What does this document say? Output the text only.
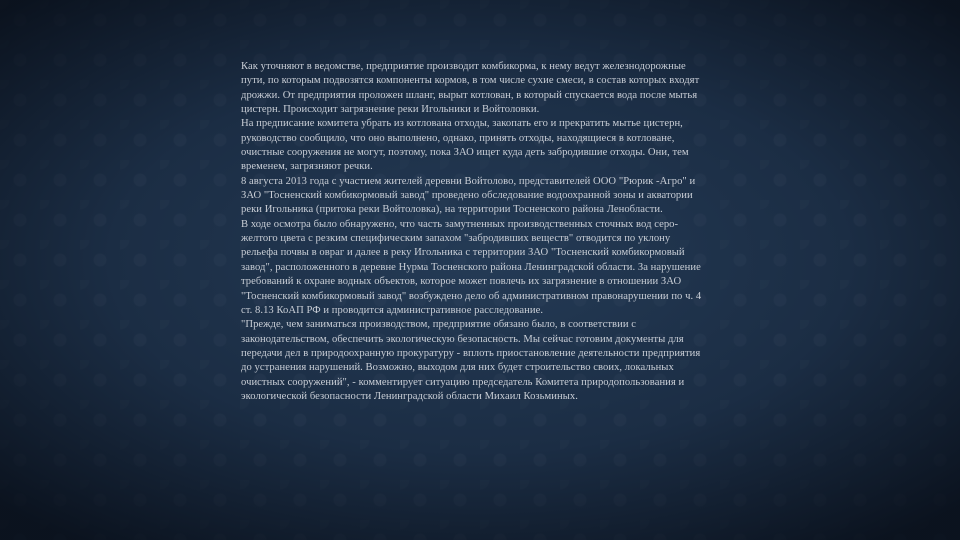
Как уточняют в ведомстве, предприятие производит комбикорма, к нему ведут железнодорожные пути, по которым подвозятся компоненты кормов, в том числе сухие смеси, в состав которых входят дрожжи. От предприятия проложен шланг, вырыт котлован, в который спускается вода после мытья цистерн. Происходит загрязнение реки Игольники и Войтоловки.

На предписание комитета убрать из котлована отходы, закопать его и прекратить мытье цистерн, руководство сообщило, что оно выполнено, однако, принять отходы, находящиеся в котловане, очистные сооружения не могут, поэтому, пока ЗАО ищет куда деть забродившие отходы. Они, тем временем, загрязняют речки.

8 августа 2013 года с участием жителей деревни Войтолово, представителей ООО "Рюрик -Агро" и ЗАО "Тосненский комбикормовый завод" проведено обследование водоохранной зоны и акватории реки Игольника (притока реки Войтоловка), на территории Тосненского района Ленобласти.

В ходе осмотра было обнаружено, что часть замутненных производственных сточных вод серо-желтого цвета с резким специфическим запахом "забродивших веществ" отводится по уклону рельефа почвы в овраг и далее в реку Игольника с территории ЗАО "Тосненский комбикормовый завод", расположенного в деревне Нурма Тосненского района Ленинградской области. За нарушение требований к охране водных объектов, которое может повлечь их загрязнение в отношении ЗАО "Тосненский комбикормовый завод" возбуждено дело об административном правонарушении по ч. 4 ст. 8.13 КоАП РФ и проводится административное расследование.

"Прежде, чем заниматься производством, предприятие обязано было, в соответствии с законодательством, обеспечить экологическую безопасность. Мы сейчас готовим документы для передачи дел в природоохранную прокуратуру - вплоть приостановление деятельности предприятия до устранения нарушений. Возможно, выходом для них будет строительство своих, локальных очистных сооружений", - комментирует ситуацию председатель Комитета природопользования и экологической безопасности Ленинградской области Михаил Козьминых.
